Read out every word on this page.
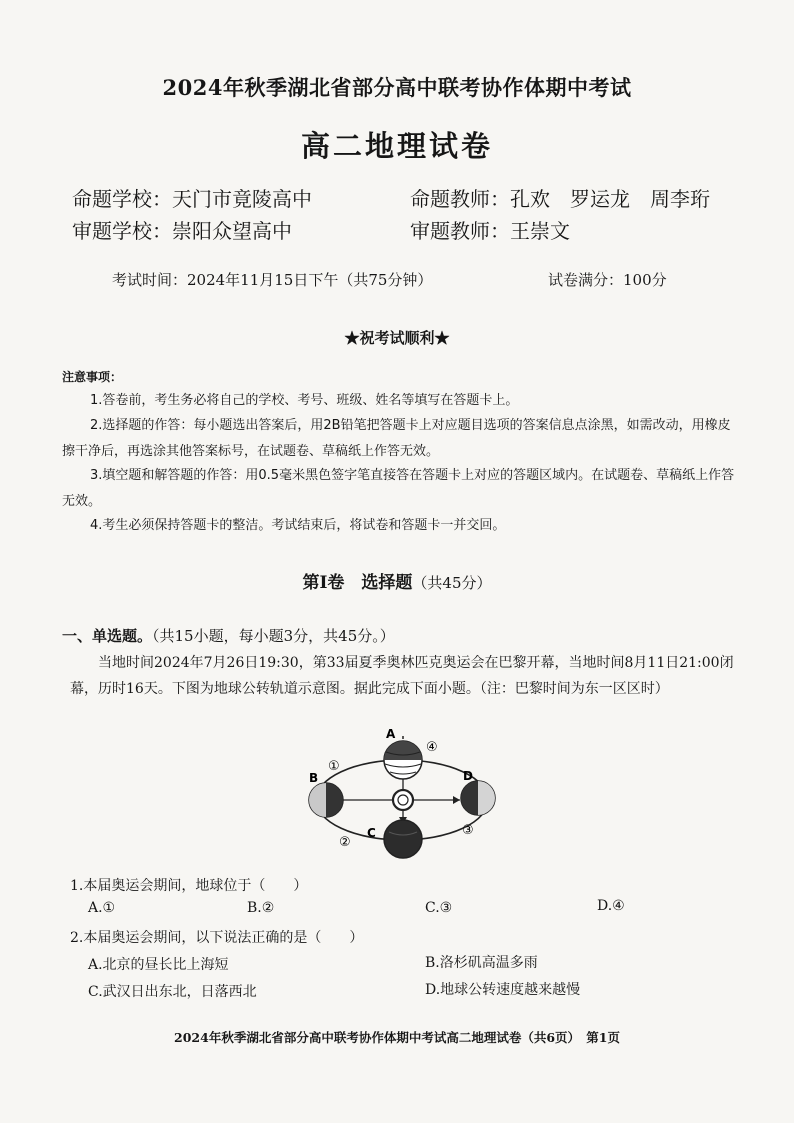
2024年秋季湖北省部分高中联考协作体期中考试
高二地理试卷
命题学校：天门市竟陵高中	命题教师：孔欢　罗运龙　周李珩
审题学校：崇阳众望高中	审题教师：王崇文
考试时间：2024年11月15日下午（共75分钟）	试卷满分：100分
★祝考试顺利★
注意事项：
1.答卷前，考生务必将自己的学校、考号、班级、姓名等填写在答题卡上。
2.选择题的作答：每小题选出答案后，用2B铅笔把答题卡上对应题目选项的答案信息点涂黑，如需改动，用橡皮擦干净后，再选涂其他答案标号，在试题卷、草稿纸上作答无效。
3.填空题和解答题的作答：用0.5毫米黑色签字笔直接答在答题卡上对应的答题区域内。在试题卷、草稿纸上作答无效。
4.考生必须保持答题卡的整洁。考试结束后，将试卷和答题卡一并交回。
第Ⅰ卷　选择题（共45分）
一、单选题。（共15小题，每小题3分，共45分。）
当地时间2024年7月26日19:30，第33届夏季奥林匹克奥运会在巴黎开幕，当地时间8月11日21:00闭幕，历时16天。下图为地球公转轨道示意图。据此完成下面小题。（注：巴黎时间为东一区区时）
A
B
C
D
①
②
③
④
1.本届奥运会期间，地球位于（　　）
A.①	B.②	C.③	D.④
2.本届奥运会期间，以下说法正确的是（　　）
A.北京的昼长比上海短	B.洛杉矶高温多雨
C.武汉日出东北，日落西北	D.地球公转速度越来越慢
2024年秋季湖北省部分高中联考协作体期中考试高二地理试卷（共6页）　第1页
